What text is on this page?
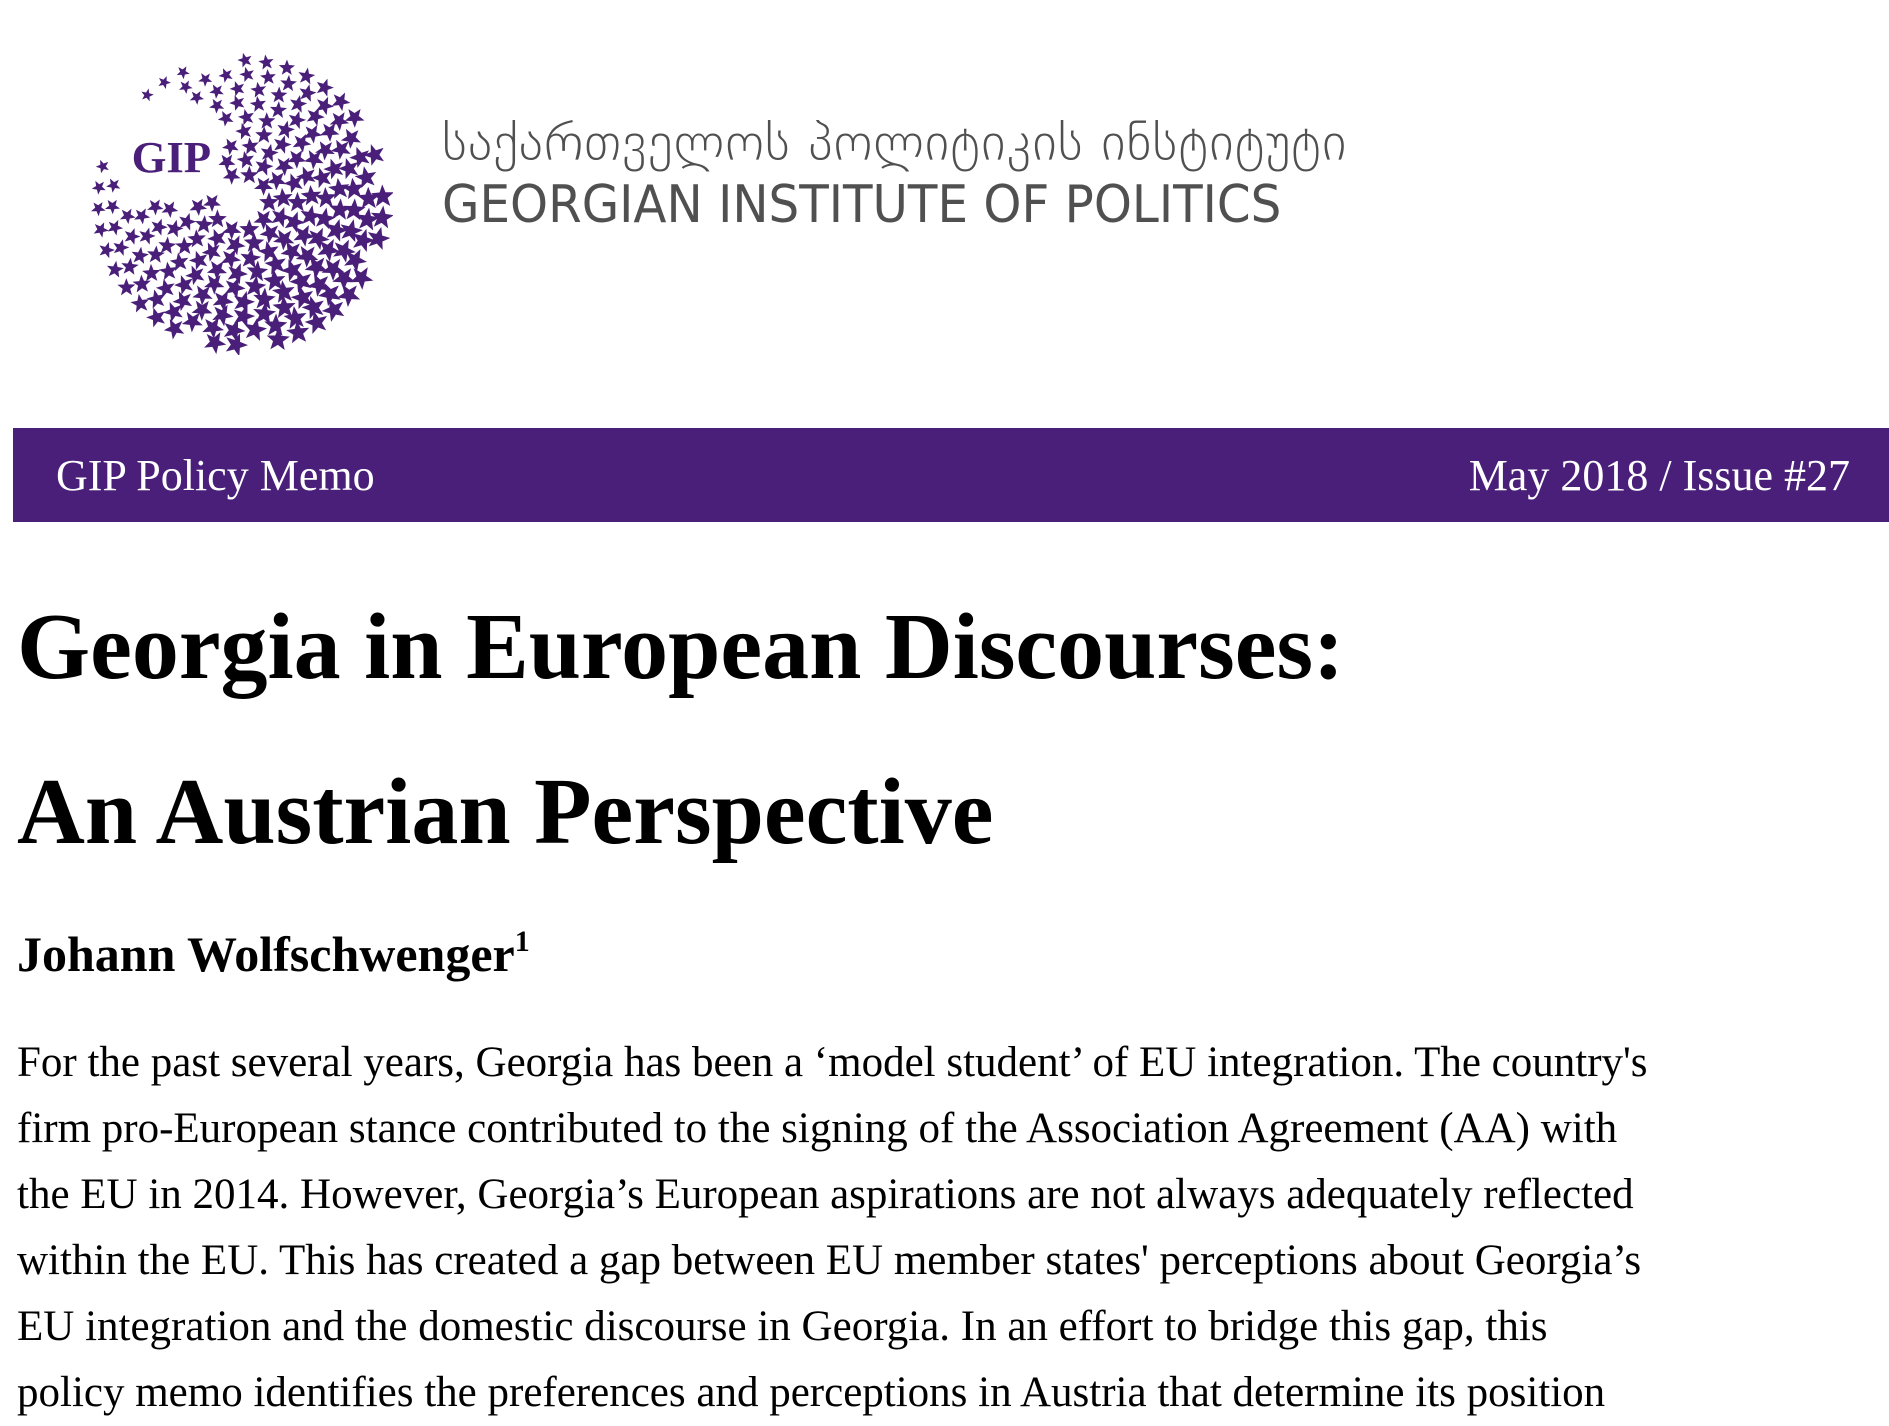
GIP	საქართველოს პოლიტიკის ინსტიტუტი
GEORGIAN INSTITUTE OF POLITICS
GIP Policy Memo	May 2018 / Issue #27
Georgia in European Discourses:
An Austrian Perspective
Johann Wolfschwenger$^1$
For the past several years, Georgia has been a ‘model student’ of EU integration. The country's
firm pro-European stance contributed to the signing of the Association Agreement (AA) with
the EU in 2014. However, Georgia’s European aspirations are not always adequately reflected
within the EU. This has created a gap between EU member states' perceptions about Georgia’s
EU integration and the domestic discourse in Georgia. In an effort to bridge this gap, this
policy memo identifies the preferences and perceptions in Austria that determine its position
